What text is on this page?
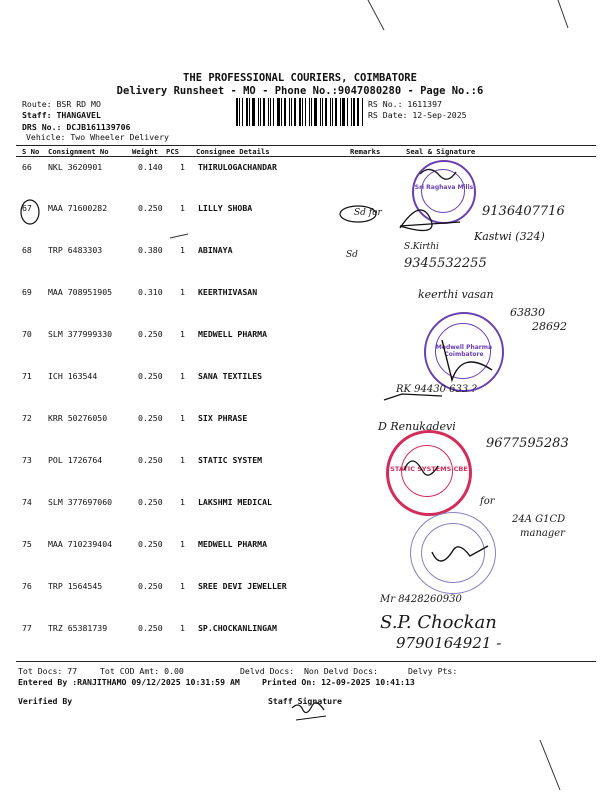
THE PROFESSIONAL COURIERS, COIMBATORE
Delivery Runsheet - MO - Phone No.:9047080280 - Page No.:6
Route: BSR RD MO
Staff: THANGAVEL
DRS No.: DCJB161139706
Vehicle: Two Wheeler Delivery
RS No.: 1611397
RS Date: 12-Sep-2025
S No Consignment No	Weight PCS Consignee Details	Remarks	Seal & Signature
66 NKL 3620901	0.140 1 THIRULOGACHANDAR
67 MAA 71600282	0.250 1 LILLY SHOBA
68 TRP 6483303	0.380 1 ABINAYA
69 MAA 708951905	0.310 1 KEERTHIVASAN
70 SLM 377999330	0.250 1 MEDWELL PHARMA
71 ICH 163544	0.250 1 SANA TEXTILES
72 KRR 50276050	0.250 1 SIX PHRASE
73 POL 1726764	0.250 1 STATIC SYSTEM
74 SLM 377697060	0.250 1 LAKSHMI MEDICAL
75 MAA 710239404	0.250 1 MEDWELL PHARMA
76 TRP 1564545	0.250 1 SREE DEVI JEWELLER
77 TRZ 65381739	0.250 1 SP.CHOCKANLINGAM
Sri Raghava Mills
Medwell Pharma Coimbatore
STATIC SYSTEMS CBE
Sd for	9136407716
Kastwi (324)
S.Kirthi
Sd
9345532255
keerthi vasan
63830
28692
RK 94430 633 ?
D Renukadevi
9677595283
for
24A G1CD
manager
Mr 8428260930
S.P. Chockan
9790164921 -
Tot Docs: 77	Tot COD Amt: 0.00	Delvd Docs: Non Delvd Docs:	Delvy Pts:
Entered By :RANJITHAMO 09/12/2025 10:31:59 AM	Printed On: 12-09-2025 10:41:13
Verified By	Staff Signature
